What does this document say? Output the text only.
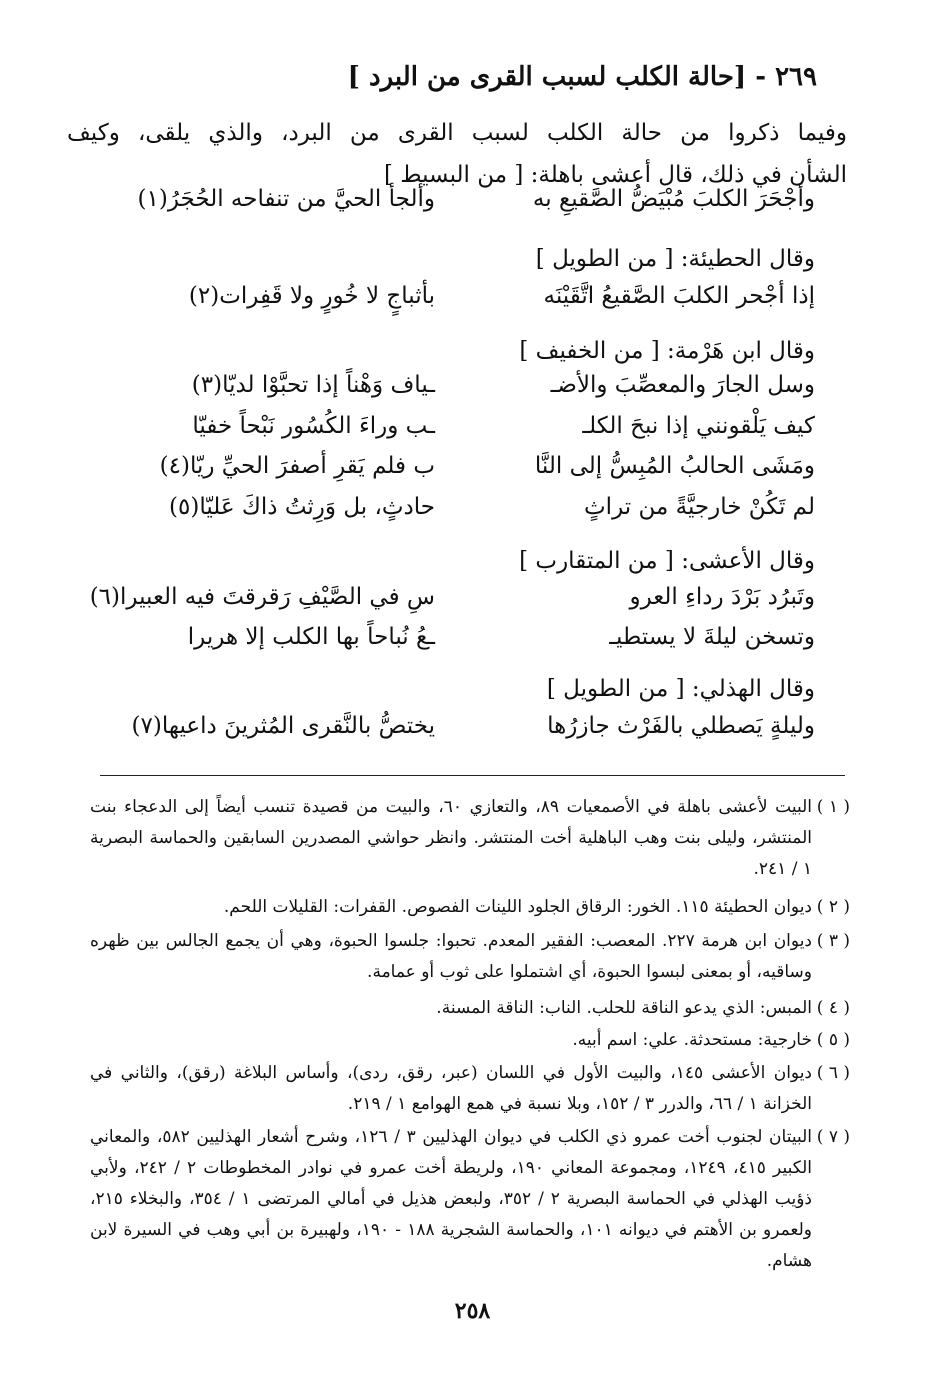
٢٦٩ - [حالة الكلب لسبب القرى من البرد ]
وفيما ذكروا من حالة الكلب لسبب القرى من البرد، والذي يلقى، وكيف
الشأن في ذلك، قال أعشى باهلة: [ من البسيط ]
وأجْحَرَ الكلبَ مُبْيَضُّ الصَّقيعِ به
وألجأ الحيَّ من تنفاحه الحُجَرُ(١)
وقال الحطيئة: [ من الطويل ]
إذا أجْحر الكلبَ الصَّقيعُ اتَّقَيْنَه
بأثباجٍ لا خُورٍ ولا قَفِرات(٢)
وقال ابن هَرْمة: [ من الخفيف ]
وسل الجارَ والمعصِّبَ والأضـ
ـياف وَهْناً إذا تحبَّوْا لديّا(٣)
كيف يَلْقونني إذا نبحَ الكلـ
ـب وراءَ الكُسُور نَبْحاً خفيّا
ومَشَى الحالبُ المُبِسُّ إلى النَّا
ب فلم يَقرِ أصفرَ الحيِّ ريّا(٤)
لم تَكُنْ خارجيَّةً من تراثٍ
حادثٍ، بل وَرِثتُ ذاكَ عَليّا(٥)
وقال الأعشى: [ من المتقارب ]
وتَبرُد بَرْدَ رداءِ العرو
سِ في الصَّيْفِ رَقرقتَ فيه العبيرا(٦)
وتسخن ليلةَ لا يستطيـ
ـعُ نُباحاً بها الكلب إلا هريرا
وقال الهذلي: [ من الطويل ]
وليلةٍ يَصطلي بالفَرْث جازرُها
يختصُّ بالنَّقرى المُثرينَ داعيها(٧)
( ١ )
البيت لأعشى باهلة في الأصمعيات ٨٩، والتعازي ٦٠، والبيت من قصيدة تنسب أيضاً إلى الدعجاء بنت المنتشر، وليلى بنت وهب الباهلية أخت المنتشر. وانظر حواشي المصدرين السابقين والحماسة البصرية ١ / ٢٤١.
( ٢ )
ديوان الحطيئة ١١٥. الخور: الرقاق الجلود اللينات الفصوص. القفرات: القليلات اللحم.
( ٣ )
ديوان ابن هرمة ٢٢٧. المعصب: الفقير المعدم. تحبوا: جلسوا الحبوة، وهي أن يجمع الجالس بين ظهره وساقيه، أو بمعنى لبسوا الحبوة، أي اشتملوا على ثوب أو عمامة.
( ٤ )
المبس: الذي يدعو الناقة للحلب. الناب: الناقة المسنة.
( ٥ )
خارجية: مستحدثة. علي: اسم أبيه.
( ٦ )
ديوان الأعشى ١٤٥، والبيت الأول في اللسان (عبر، رقق، ردى)، وأساس البلاغة (رقق)، والثاني في الخزانة ١ / ٦٦، والدرر ٣ / ١٥٢، وبلا نسبة في همع الهوامع ١ / ٢١٩.
( ٧ )
البيتان لجنوب أخت عمرو ذي الكلب في ديوان الهذليين ٣ / ١٢٦، وشرح أشعار الهذليين ٥٨٢، والمعاني الكبير ٤١٥، ١٢٤٩، ومجموعة المعاني ١٩٠، ولريطة أخت عمرو في نوادر المخطوطات ٢ / ٢٤٢، ولأبي ذؤيب الهذلي في الحماسة البصرية ٢ / ٣٥٢، ولبعض هذيل في أمالي المرتضى ١ / ٣٥٤، والبخلاء ٢١٥، ولعمرو بن الأهتم في ديوانه ١٠١، والحماسة الشجرية ١٨٨ - ١٩٠، ولهبيرة بن أبي وهب في السيرة لابن هشام.
٢٥٨
